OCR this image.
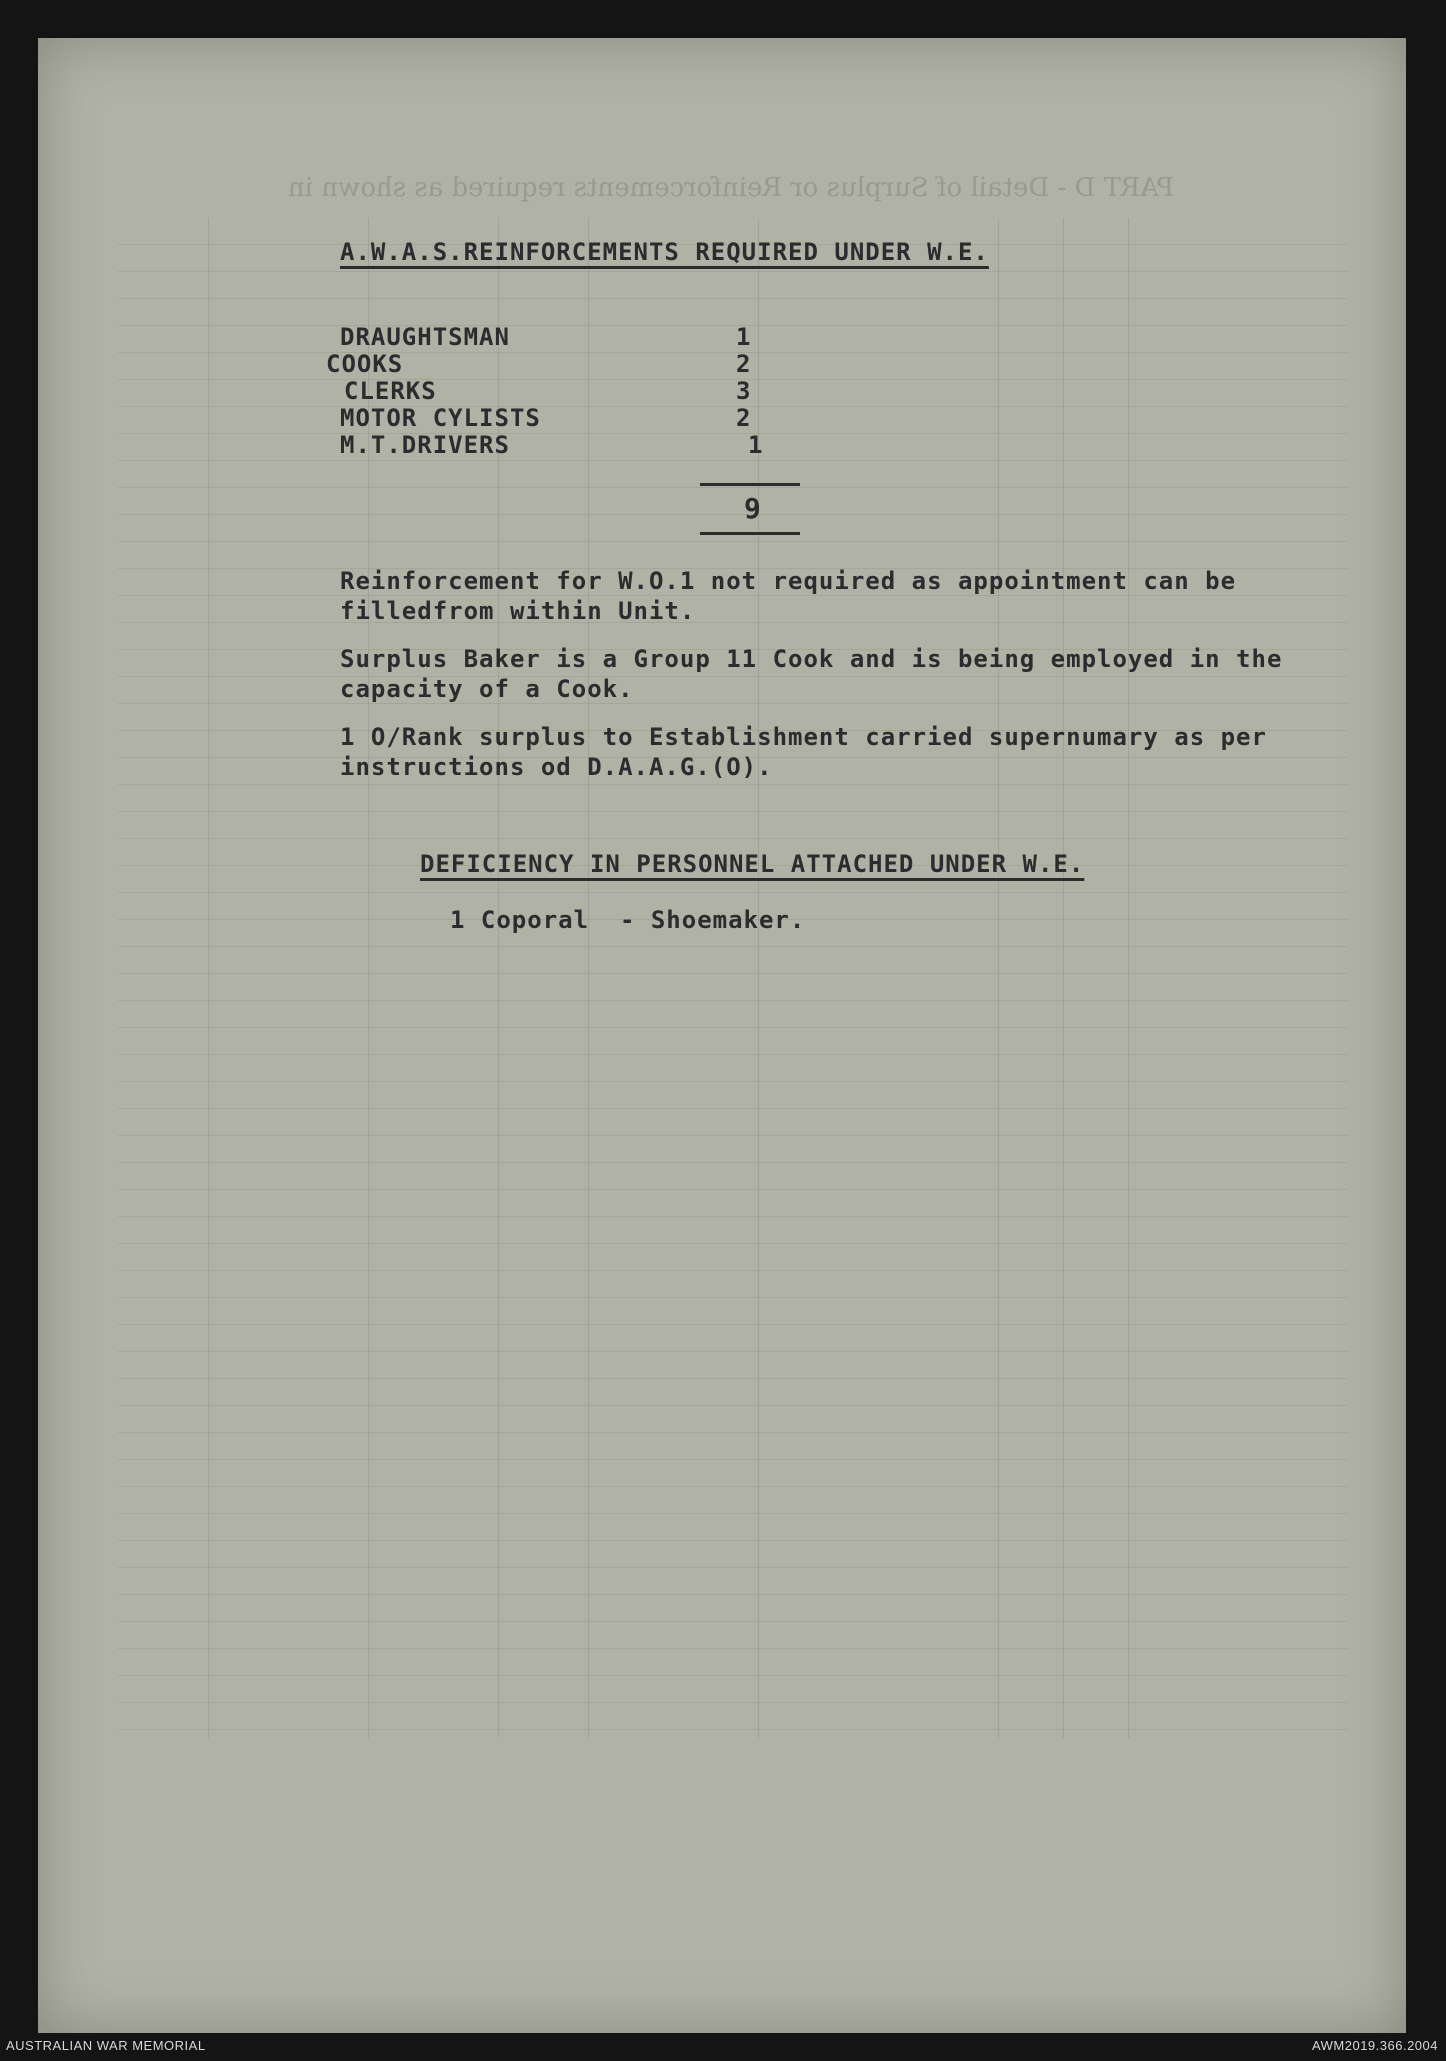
PART D - Detail of Surplus or Reinforcements required as shown in
A.W.A.S.REINFORCEMENTS REQUIRED UNDER W.E.
DRAUGHTSMAN	1
COOKS	2
CLERKS	3
MOTOR CYLISTS	2
M.T.DRIVERS	1
9
Reinforcement for W.O.1 not required as appointment can be filledfrom within Unit.
Surplus Baker is a Group 11 Cook and is being employed in the capacity of a Cook.
1 O/Rank surplus to Establishment carried supernumary as per instructions od D.A.A.G.(O).
DEFICIENCY IN PERSONNEL ATTACHED UNDER W.E.
1 Coporal  - Shoemaker.
AUSTRALIAN WAR MEMORIAL	AWM2019.366.2004
